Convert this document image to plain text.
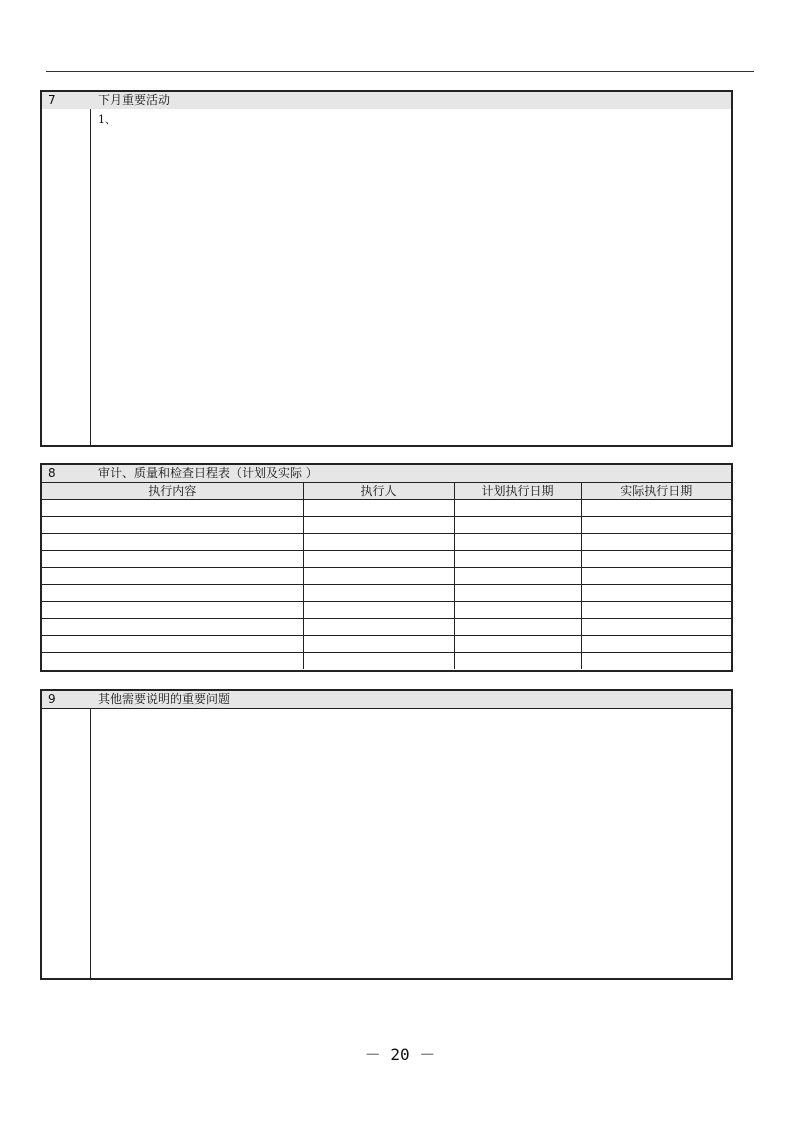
7	下月重要活动
1、
8	审计、质量和检查日程表（计划及实际 ）
执行内容	执行人	计划执行日期	实际执行日期

9	其他需要说明的重要问题
－ 20 －
